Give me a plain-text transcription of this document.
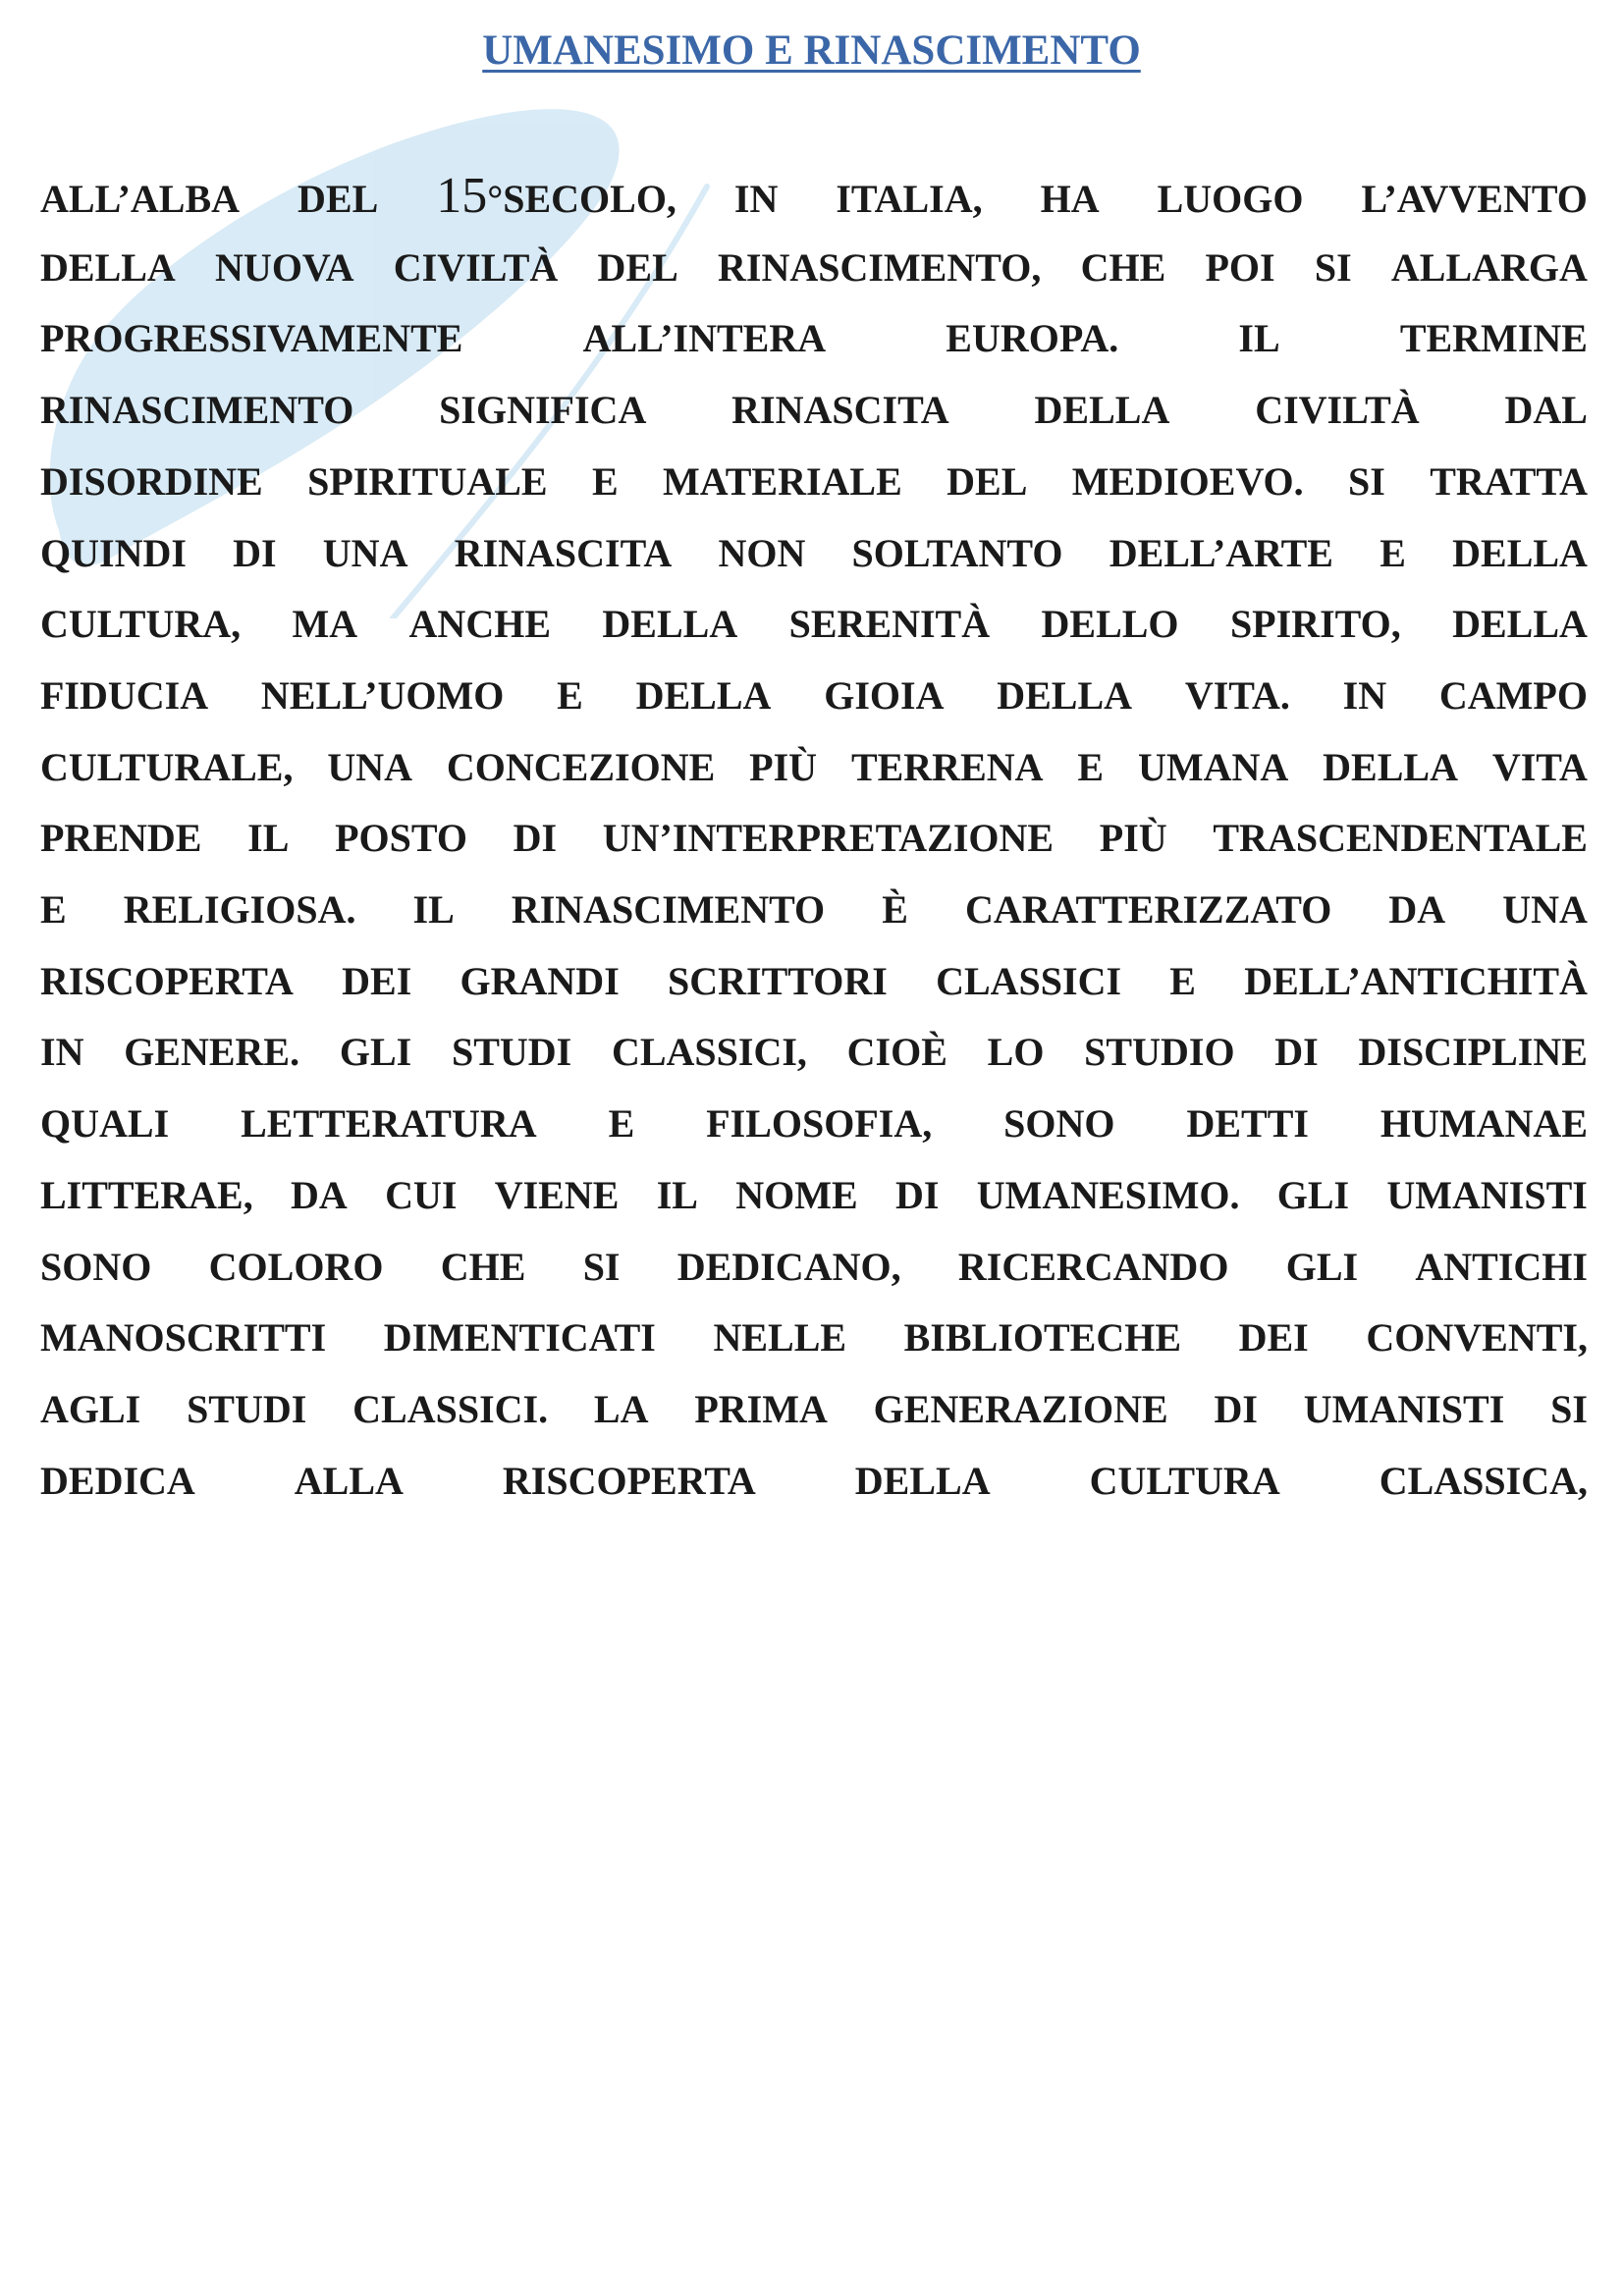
UMANESIMO E RINASCIMENTO
ALL’ALBA DEL 15°SECOLO, IN ITALIA, HA LUOGO L’AVVENTO
DELLA NUOVA CIVILTÀ DEL RINASCIMENTO, CHE POI SI ALLARGA
PROGRESSIVAMENTE	ALL’INTERA	EUROPA.	IL	TERMINE
RINASCIMENTO SIGNIFICA RINASCITA DELLA CIVILTÀ DAL
DISORDINE SPIRITUALE E MATERIALE DEL MEDIOEVO. SI TRATTA
QUINDI DI UNA RINASCITA NON SOLTANTO DELL’ARTE E DELLA
CULTURA, MA ANCHE DELLA SERENITÀ DELLO SPIRITO, DELLA
FIDUCIA NELL’UOMO E DELLA GIOIA DELLA VITA. IN CAMPO
CULTURALE, UNA CONCEZIONE PIÙ TERRENA E UMANA DELLA VITA
PRENDE IL POSTO DI UN’INTERPRETAZIONE PIÙ TRASCENDENTALE
E RELIGIOSA. IL RINASCIMENTO È CARATTERIZZATO DA UNA
RISCOPERTA DEI GRANDI SCRITTORI CLASSICI E DELL’ANTICHITÀ
IN GENERE. GLI STUDI CLASSICI, CIOÈ LO STUDIO DI DISCIPLINE
QUALI LETTERATURA E FILOSOFIA, SONO DETTI HUMANAE
LITTERAE, DA CUI VIENE IL NOME DI UMANESIMO. GLI UMANISTI
SONO COLORO CHE SI DEDICANO, RICERCANDO GLI ANTICHI
MANOSCRITTI DIMENTICATI NELLE BIBLIOTECHE DEI CONVENTI,
AGLI STUDI CLASSICI. LA PRIMA GENERAZIONE DI UMANISTI SI
DEDICA	ALLA	RISCOPERTA	DELLA	CULTURA	CLASSICA,
